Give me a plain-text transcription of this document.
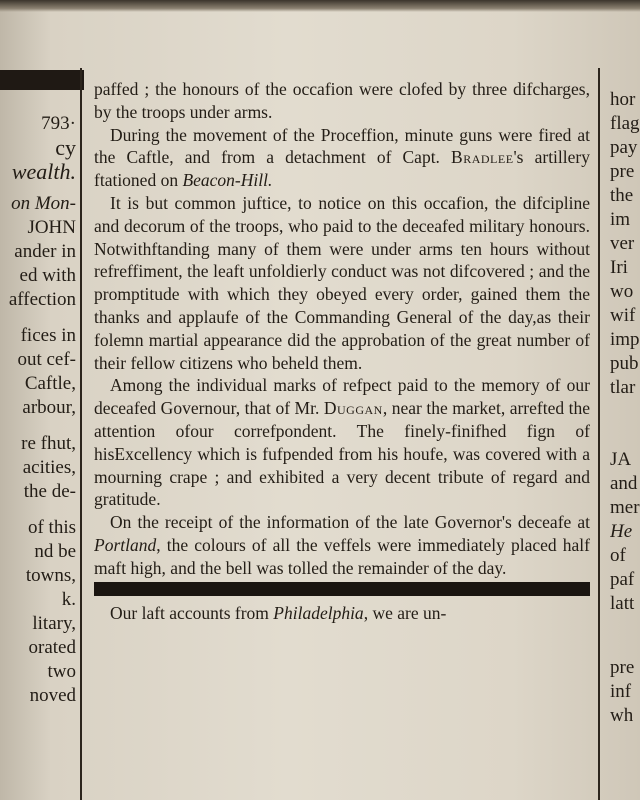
793·

cy

wealth.

on Mon-

JOHN

ander in

ed with

affection

fices in

out cef-

Caftle,

arbour,

re fhut,

acities,

the de-

of this

nd be

towns,

k.

litary,

orated

two

noved

paffed ; the honours of the occafion were clofed by three difcharges, by the troops under arms.

During the movement of the Proceffion, minute guns were fired at the Caftle, and from a detachment of Capt. Bradlee's artillery ftationed on Beacon-Hill.

It is but common juftice, to notice on this occafion, the difcipline and decorum of the troops, who paid to the deceafed military honours. Notwithftanding many of them were under arms ten hours without refreffiment, the leaft unfoldierly conduct was not difcovered ; and the promptitude with which they obeyed every order, gained them the thanks and applaufe of the Commanding General of the day,as their folemn martial appearance did the approbation of the great number of their fellow citizens who beheld them.

Among the individual marks of refpect paid to the memory of our deceafed Governour, that of Mr. Duggan, near the market, arrefted the attention ofour correfpondent. The finely-finifhed fign of hisExcellency which is fufpended from his houfe, was covered with a mourning crape ; and exhibited a very decent tribute of regard and gratitude.

On the receipt of the information of the late Governor's deceafe at Portland, the colours of all the veffels were immediately placed half maft high, and the bell was tolled the remainder of the day.

Our laft accounts from Philadelphia, we are un-

hor

flag

pay

pre

the

im

ver

Iri

wo

wif

imp

pub

tlar

JA

and

mer

He

of

paf

latt

pre

inf

wh
